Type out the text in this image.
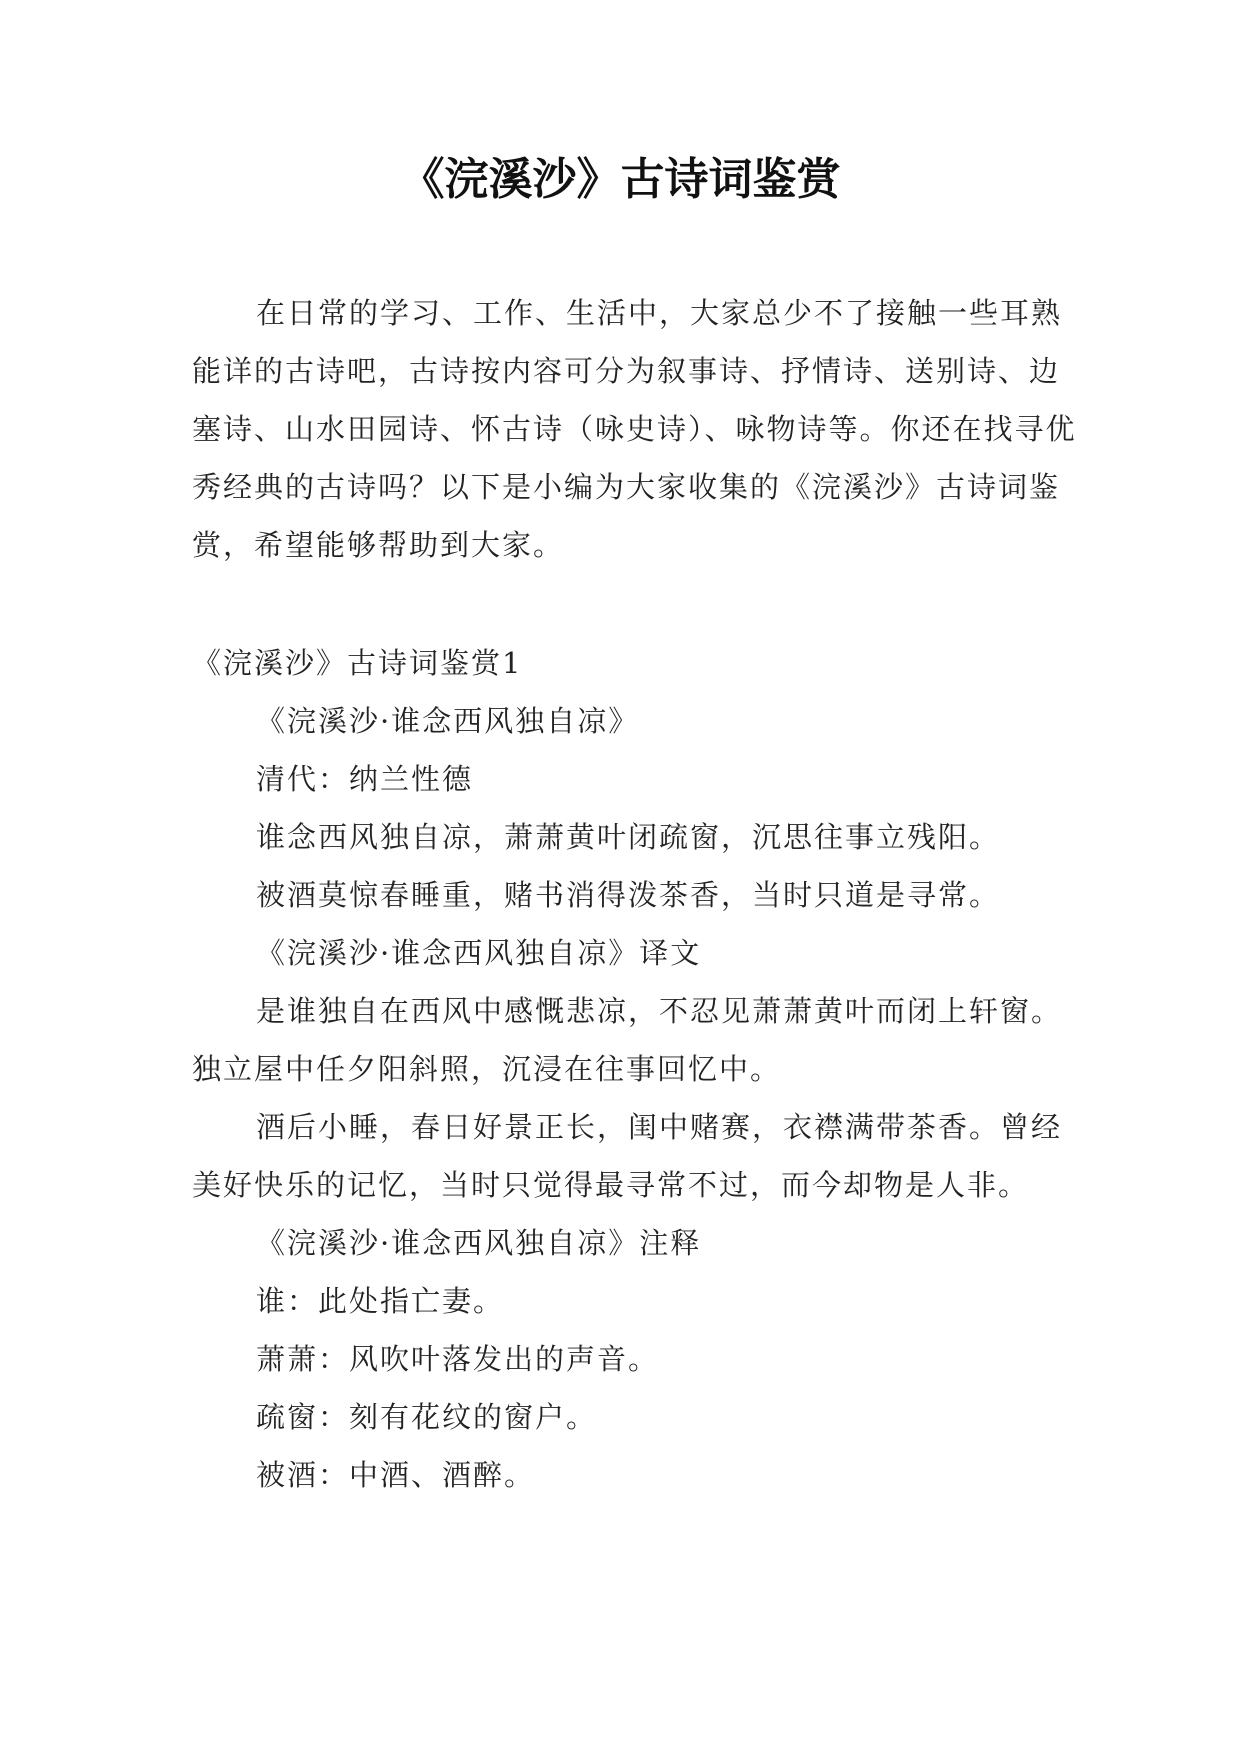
《浣溪沙》古诗词鉴赏

在日常的学习、工作、生活中，大家总少不了接触一些耳熟能详的古诗吧，古诗按内容可分为叙事诗、抒情诗、送别诗、边塞诗、山水田园诗、怀古诗（咏史诗）、咏物诗等。你还在找寻优秀经典的古诗吗？以下是小编为大家收集的《浣溪沙》古诗词鉴赏，希望能够帮助到大家。

《浣溪沙》古诗词鉴赏1

《浣溪沙·谁念西风独自凉》

清代：纳兰性德

谁念西风独自凉，萧萧黄叶闭疏窗，沉思往事立残阳。

被酒莫惊春睡重，赌书消得泼茶香，当时只道是寻常。

《浣溪沙·谁念西风独自凉》译文

是谁独自在西风中感慨悲凉，不忍见萧萧黄叶而闭上轩窗。独立屋中任夕阳斜照，沉浸在往事回忆中。

酒后小睡，春日好景正长，闺中赌赛，衣襟满带茶香。曾经美好快乐的记忆，当时只觉得最寻常不过，而今却物是人非。

《浣溪沙·谁念西风独自凉》注释

谁：此处指亡妻。

萧萧：风吹叶落发出的声音。

疏窗：刻有花纹的窗户。

被酒：中酒、酒醉。
